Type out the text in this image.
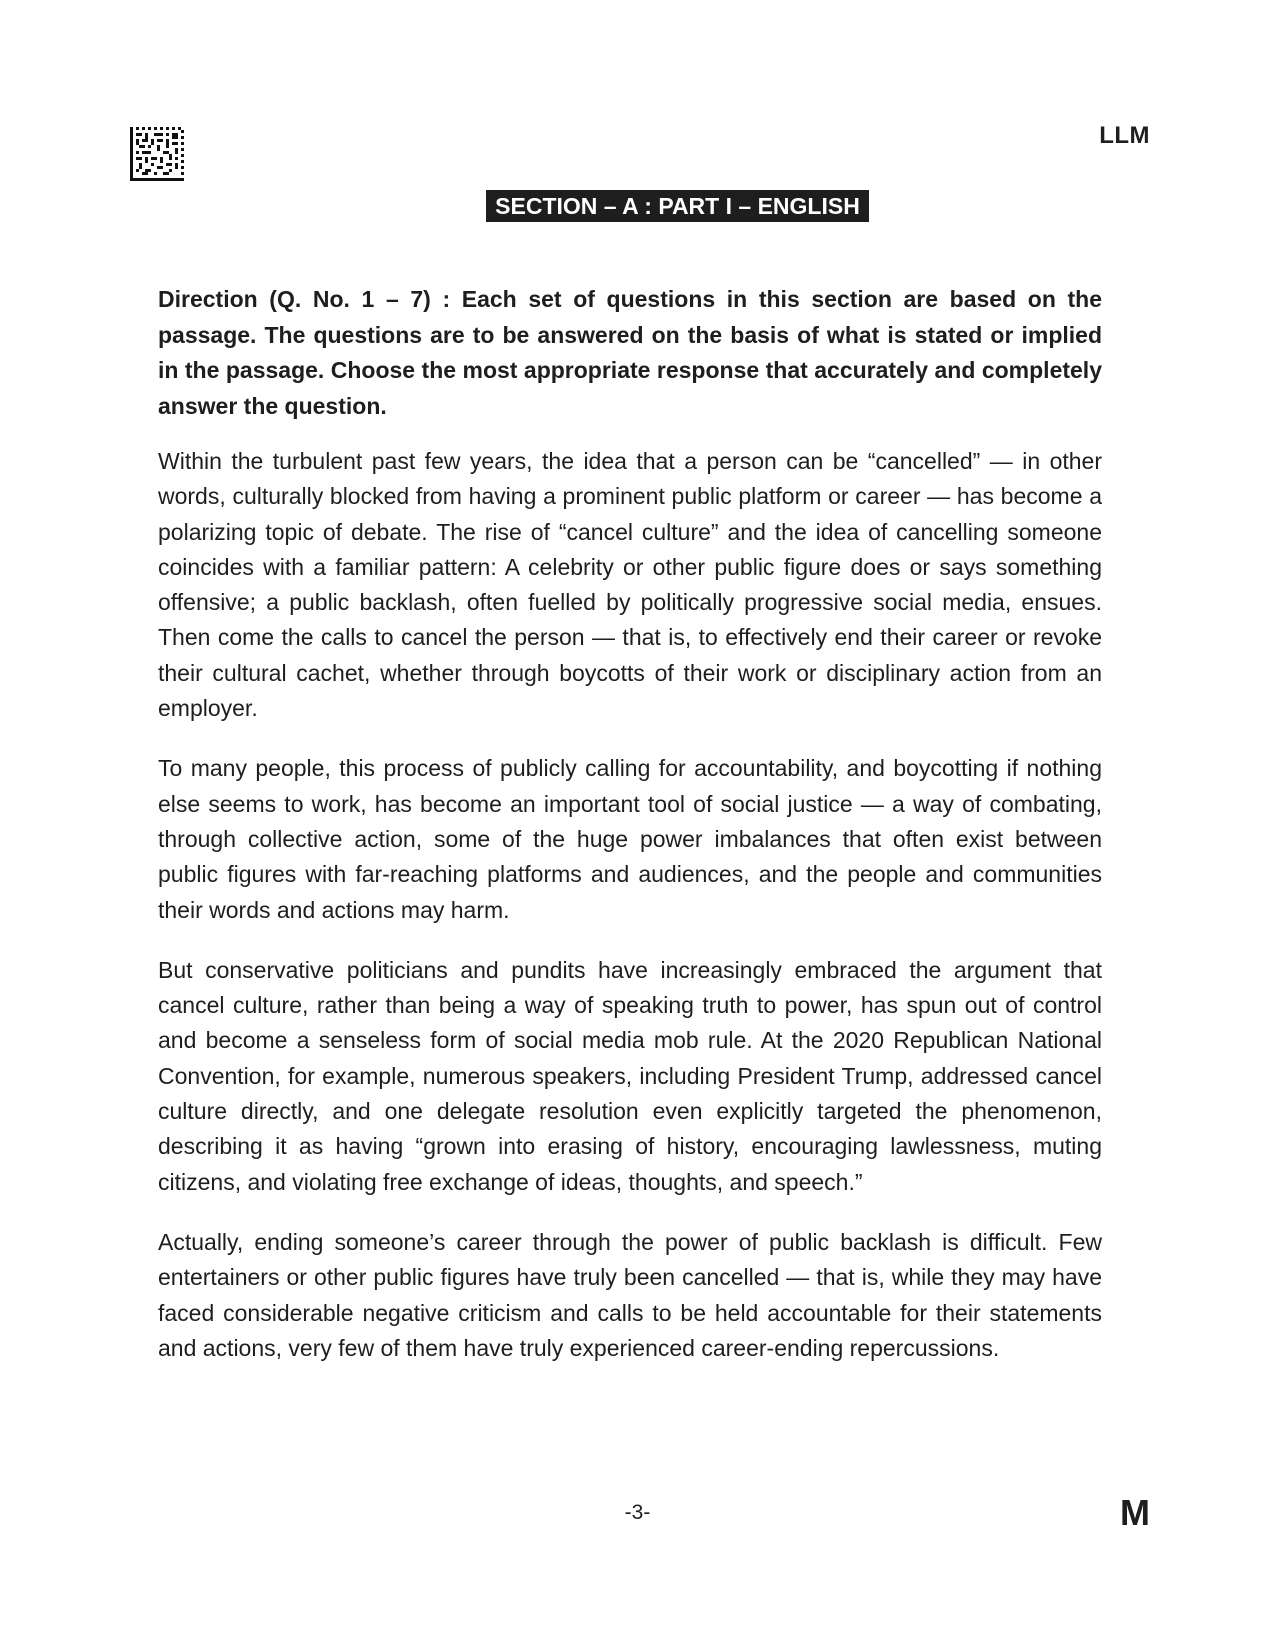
LLM
SECTION – A : PART I – ENGLISH

Direction (Q. No. 1 – 7) : Each set of questions in this section are based on the passage. The questions are to be answered on the basis of what is stated or implied in the passage. Choose the most appropriate response that accurately and completely answer the question.

Within the turbulent past few years, the idea that a person can be “cancelled” — in other words, culturally blocked from having a prominent public platform or career — has become a polarizing topic of debate. The rise of “cancel culture” and the idea of cancelling someone coincides with a familiar pattern: A celebrity or other public figure does or says something offensive; a public backlash, often fuelled by politically progressive social media, ensues. Then come the calls to cancel the person — that is, to effectively end their career or revoke their cultural cachet, whether through boycotts of their work or disciplinary action from an employer.

To many people, this process of publicly calling for accountability, and boycotting if nothing else seems to work, has become an important tool of social justice — a way of combating, through collective action, some of the huge power imbalances that often exist between public figures with far-reaching platforms and audiences, and the people and communities their words and actions may harm.

But conservative politicians and pundits have increasingly embraced the argument that cancel culture, rather than being a way of speaking truth to power, has spun out of control and become a senseless form of social media mob rule. At the 2020 Republican National Convention, for example, numerous speakers, including President Trump, addressed cancel culture directly, and one delegate resolution even explicitly targeted the phenomenon, describing it as having “grown into erasing of history, encouraging lawlessness, muting citizens, and violating free exchange of ideas, thoughts, and speech.”

Actually, ending someone’s career through the power of public backlash is difficult. Few entertainers or other public figures have truly been cancelled — that is, while they may have faced considerable negative criticism and calls to be held accountable for their statements and actions, very few of them have truly experienced career-ending repercussions.

-3-	M
